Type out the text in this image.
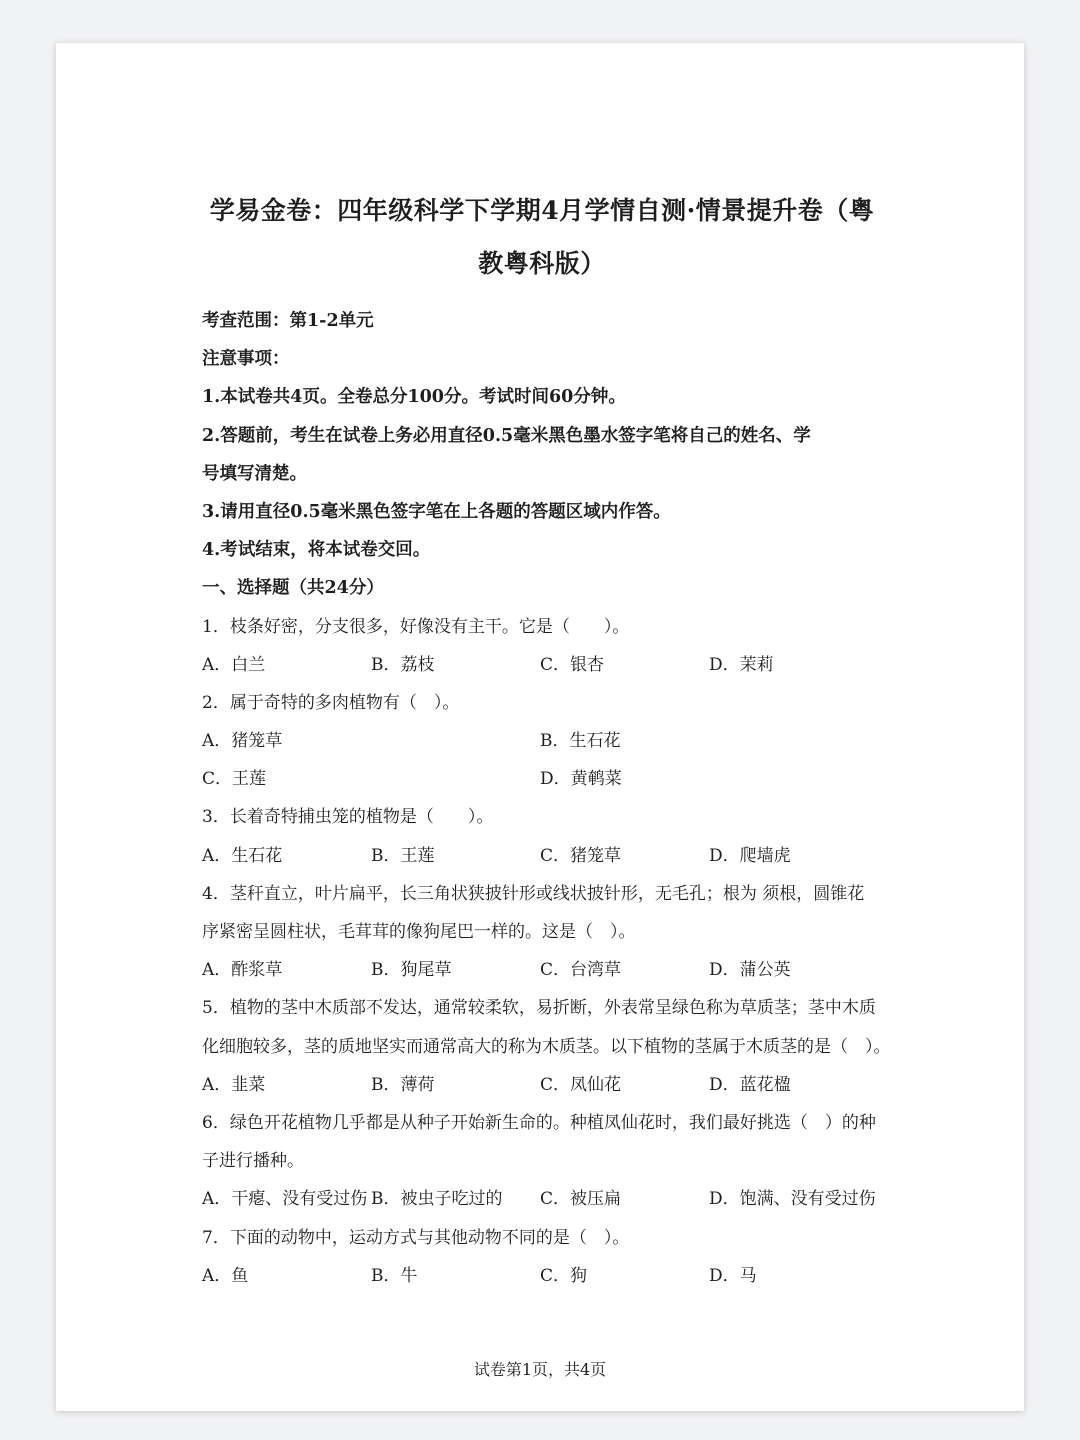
学易金卷：四年级科学下学期4月学情自测·情景提升卷（粤
教粤科版）
考查范围：第1-2单元
注意事项：
1.本试卷共4页。全卷总分100分。考试时间60分钟。
2.答题前，考生在试卷上务必用直径0.5毫米黑色墨水签字笔将自己的姓名、学
号填写清楚。
3.请用直径0.5毫米黑色签字笔在上各题的答题区域内作答。
4.考试结束，将本试卷交回。
一、选择题（共24分）
1．枝条好密，分支很多，好像没有主干。它是（　　）。
A．白兰	B．荔枝	C．银杏	D．茉莉
2．属于奇特的多肉植物有（　）。
A．猪笼草	B．生石花
C．王莲	D．黄鹌菜
3．长着奇特捕虫笼的植物是（　　）。
A．生石花	B．王莲	C．猪笼草	D．爬墙虎
4．茎秆直立，叶片扁平，长三角状狭披针形或线状披针形，无毛孔；根为 须根，圆锥花
序紧密呈圆柱状，毛茸茸的像狗尾巴一样的。这是（　）。
A．酢浆草	B．狗尾草	C．台湾草	D．蒲公英
5．植物的茎中木质部不发达，通常较柔软，易折断，外表常呈绿色称为草质茎；茎中木质
化细胞较多，茎的质地坚实而通常高大的称为木质茎。以下植物的茎属于木质茎的是（　）。
A．韭菜	B．薄荷	C．凤仙花	D．蓝花楹
6．绿色开花植物几乎都是从种子开始新生命的。种植凤仙花时，我们最好挑选（　）的种
子进行播种。
A．干瘪、没有受过伤 B．被虫子吃过的 C．被压扁	D．饱满、没有受过伤
7．下面的动物中，运动方式与其他动物不同的是（　）。
A．鱼	B．牛	C．狗	D．马
试卷第1页，共4页
